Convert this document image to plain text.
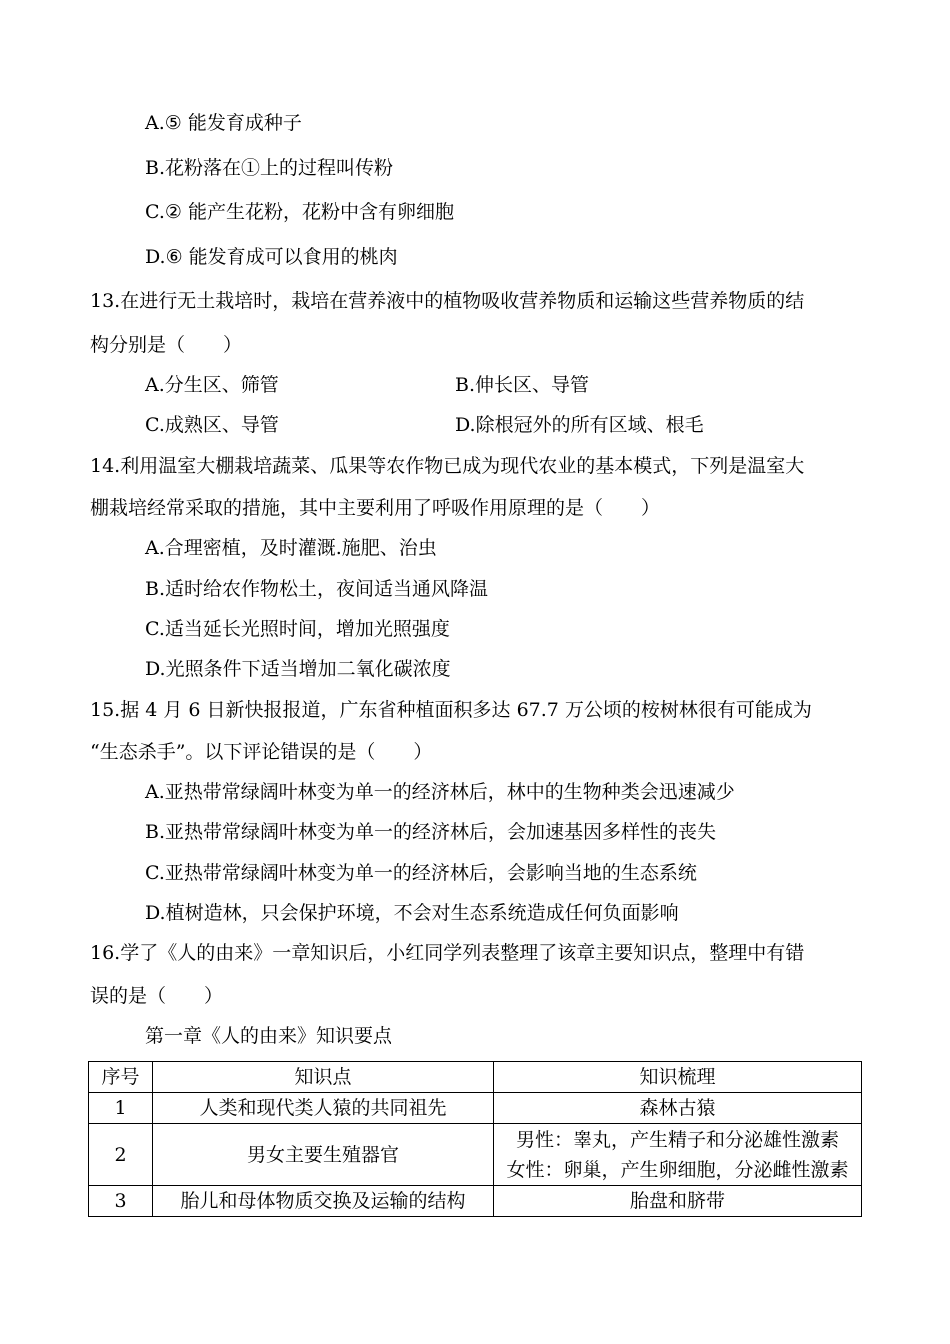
A.⑤ 能发育成种子
B.花粉落在①上的过程叫传粉
C.② 能产生花粉，花粉中含有卵细胞
D.⑥ 能发育成可以食用的桃肉
13.在进行无土栽培时，栽培在营养液中的植物吸收营养物质和运输这些营养物质的结
构分别是（　　）
A.分生区、筛管	B.伸长区、导管
C.成熟区、导管	D.除根冠外的所有区域、根毛
14.利用温室大棚栽培蔬菜、瓜果等农作物已成为现代农业的基本模式，下列是温室大
棚栽培经常采取的措施，其中主要利用了呼吸作用原理的是（　　）
A.合理密植，及时灌溉.施肥、治虫
B.适时给农作物松土，夜间适当通风降温
C.适当延长光照时间，增加光照强度
D.光照条件下适当增加二氧化碳浓度
15.据 4 月 6 日新快报报道，广东省种植面积多达 67.7 万公顷的桉树林很有可能成为
“生态杀手”。以下评论错误的是（　　）
A.亚热带常绿阔叶林变为单一的经济林后，林中的生物种类会迅速减少
B.亚热带常绿阔叶林变为单一的经济林后，会加速基因多样性的丧失
C.亚热带常绿阔叶林变为单一的经济林后，会影响当地的生态系统
D.植树造林，只会保护环境，不会对生态系统造成任何负面影响
16.学了《人的由来》一章知识后，小红同学列表整理了该章主要知识点，整理中有错
误的是（　　）
第一章《人的由来》知识要点
序号	知识点	知识梳理
1	人类和现代类人猿的共同祖先	森林古猿
2	男女主要生殖器官	男性：睾丸，产生精子和分泌雄性激素
女性：卵巢，产生卵细胞，分泌雌性激素

3	胎儿和母体物质交换及运输的结构	胎盘和脐带
